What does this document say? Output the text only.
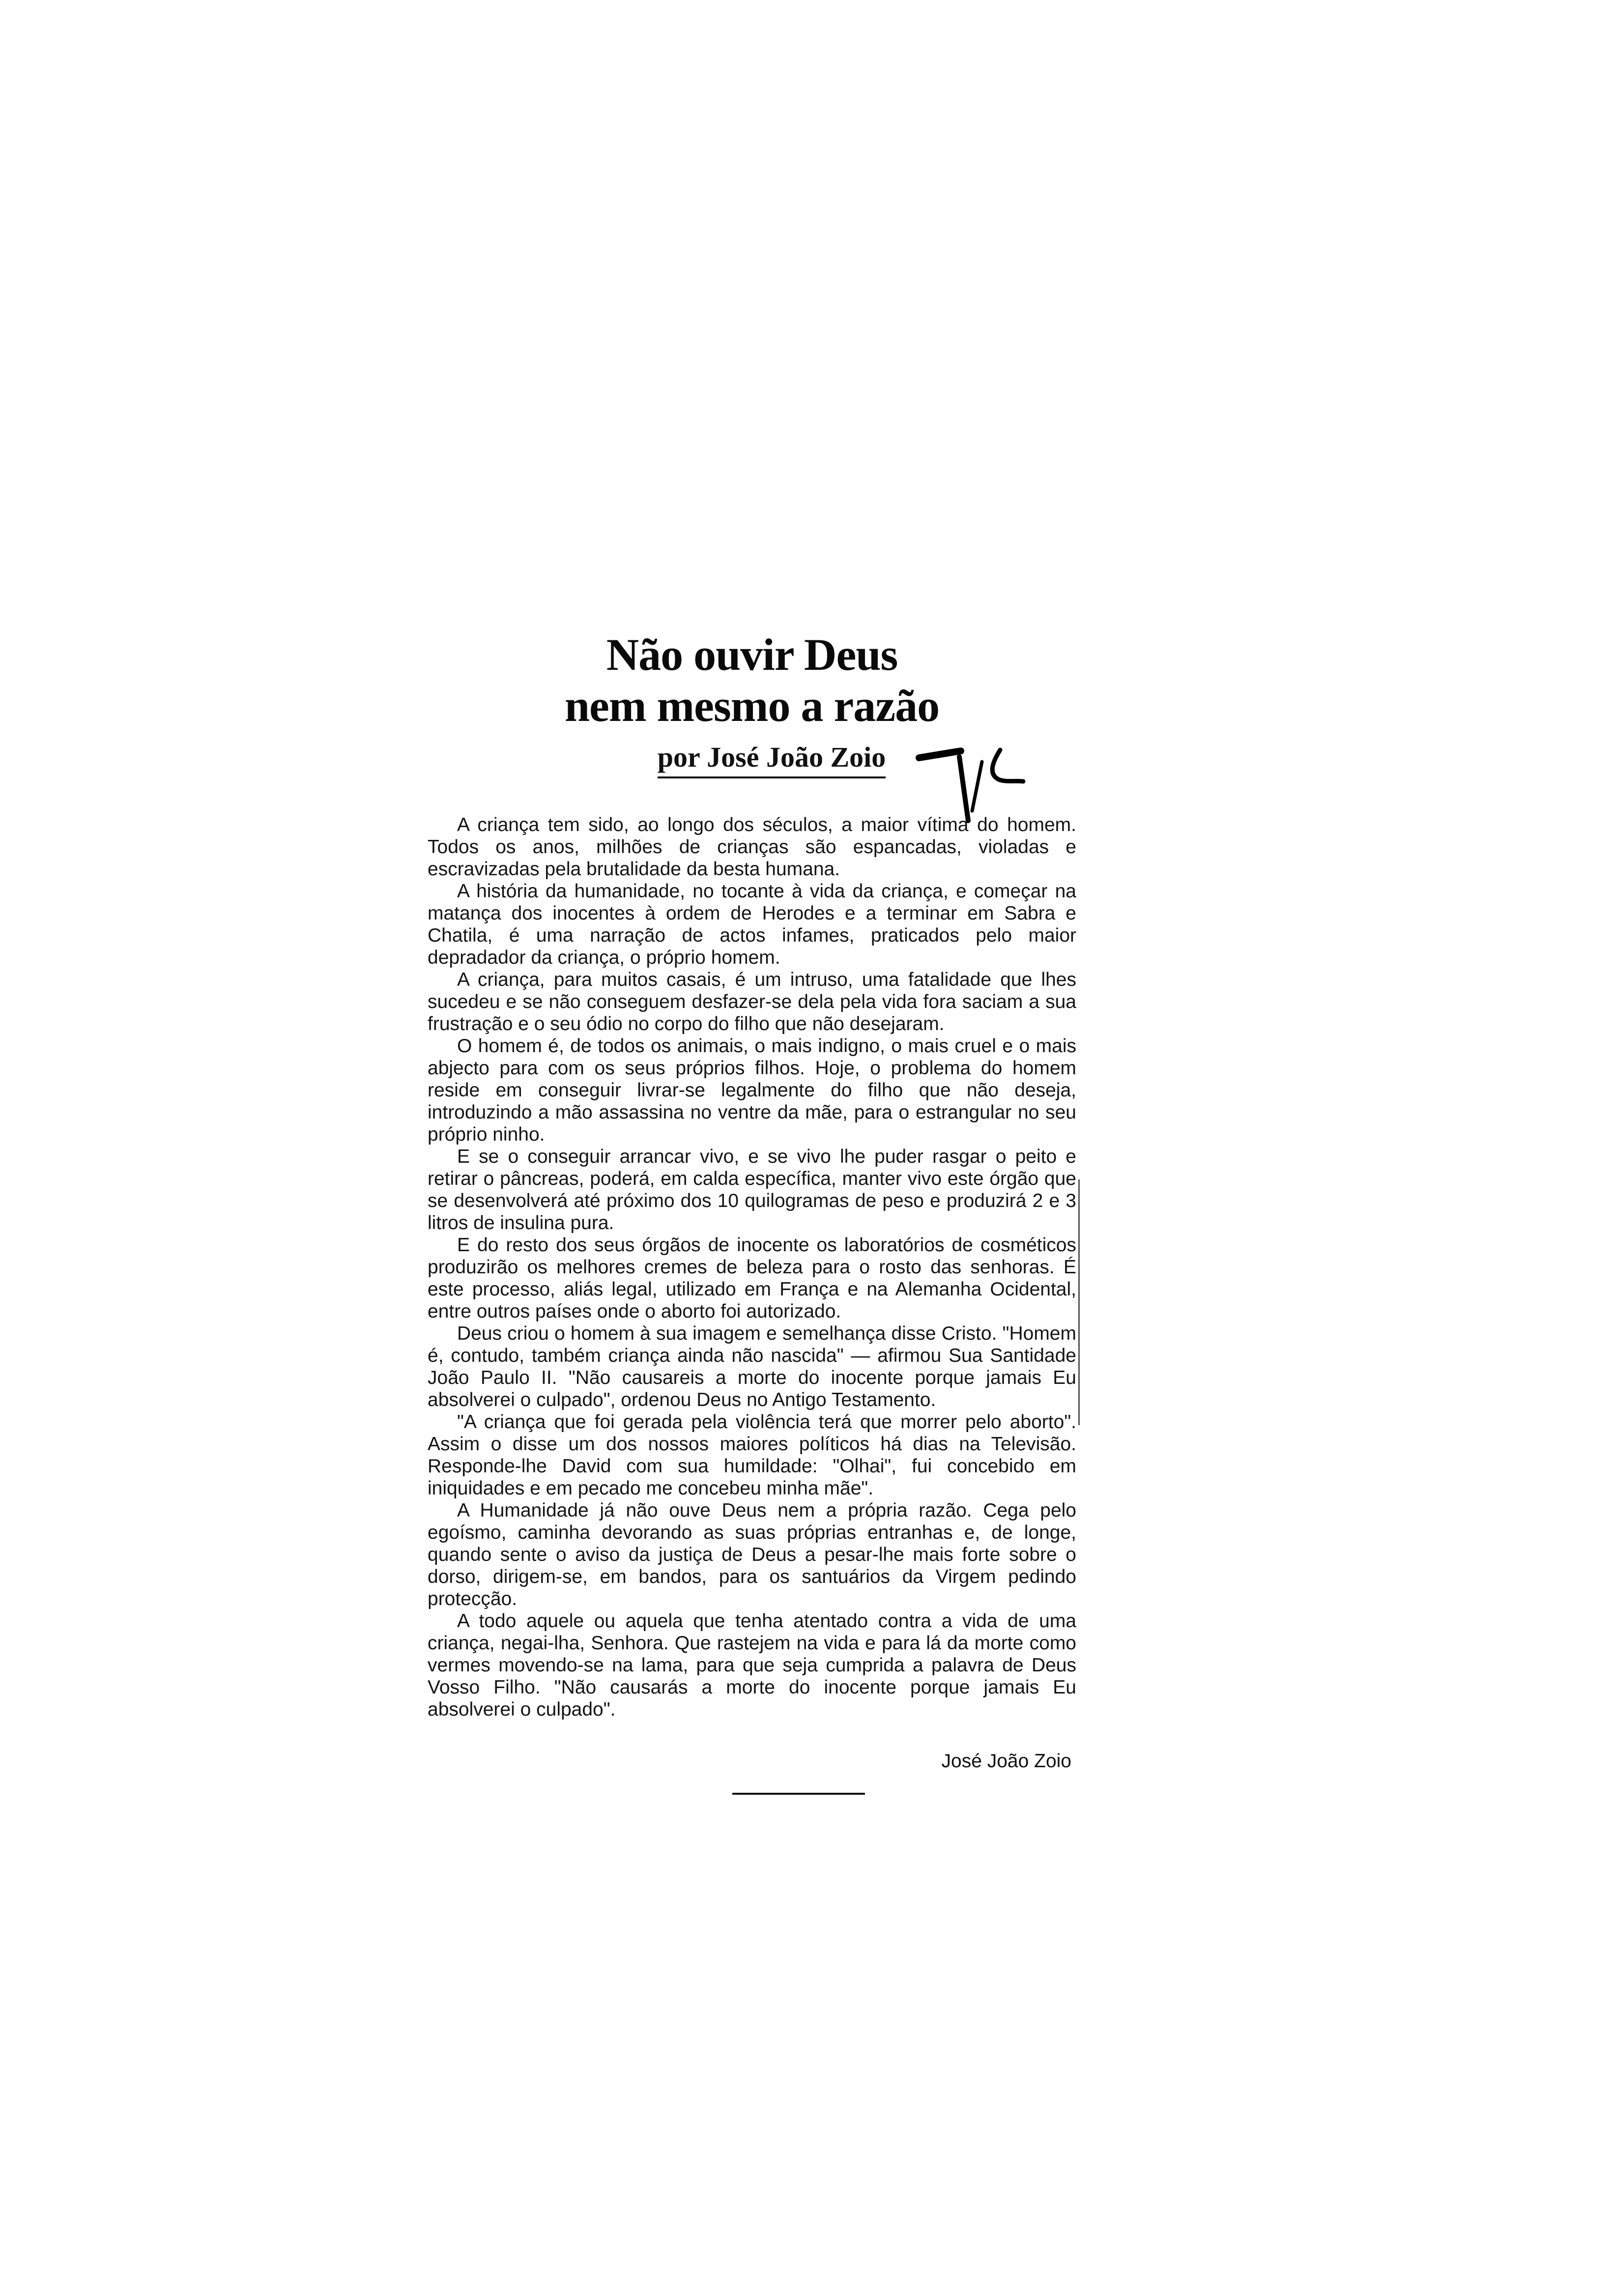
Não ouvir Deus
nem mesmo a razão
por José João Zoio

A criança tem sido, ao longo dos séculos, a maior vítima do homem. Todos os anos, milhões de crianças são espancadas, violadas e escravizadas pela brutalidade da besta humana.

A história da humanidade, no tocante à vida da criança, e começar na matança dos inocentes à ordem de Herodes e a terminar em Sabra e Chatila, é uma narração de actos infames, praticados pelo maior depradador da criança, o próprio homem.

A criança, para muitos casais, é um intruso, uma fatalidade que lhes sucedeu e se não conseguem desfazer-se dela pela vida fora saciam a sua frustração e o seu ódio no corpo do filho que não desejaram.

O homem é, de todos os animais, o mais indigno, o mais cruel e o mais abjecto para com os seus próprios filhos. Hoje, o problema do homem reside em conseguir livrar-se legalmente do filho que não deseja, introduzindo a mão assassina no ventre da mãe, para o estrangular no seu próprio ninho.

E se o conseguir arrancar vivo, e se vivo lhe puder rasgar o peito e retirar o pâncreas, poderá, em calda específica, manter vivo este órgão que se desenvolverá até próximo dos 10 quilogramas de peso e produzirá 2 e 3 litros de insulina pura.

E do resto dos seus órgãos de inocente os laboratórios de cosméticos produzirão os melhores cremes de beleza para o rosto das senhoras. É este processo, aliás legal, utilizado em França e na Alemanha Ocidental, entre outros países onde o aborto foi autorizado.

Deus criou o homem à sua imagem e semelhança disse Cristo. "Homem é, contudo, também criança ainda não nascida" — afirmou Sua Santidade João Paulo II. "Não causareis a morte do inocente porque jamais Eu absolverei o culpado", ordenou Deus no Antigo Testamento.

"A criança que foi gerada pela violência terá que morrer pelo aborto". Assim o disse um dos nossos maiores políticos há dias na Televisão. Responde-lhe David com sua humildade: "Olhai", fui concebido em iniquidades e em pecado me concebeu minha mãe".

A Humanidade já não ouve Deus nem a própria razão. Cega pelo egoísmo, caminha devorando as suas próprias entranhas e, de longe, quando sente o aviso da justiça de Deus a pesar-lhe mais forte sobre o dorso, dirigem-se, em bandos, para os santuários da Virgem pedindo protecção.

A todo aquele ou aquela que tenha atentado contra a vida de uma criança, negai-lha, Senhora. Que rastejem na vida e para lá da morte como vermes movendo-se na lama, para que seja cumprida a palavra de Deus Vosso Filho. "Não causarás a morte do inocente porque jamais Eu absolverei o culpado".

José João Zoio
